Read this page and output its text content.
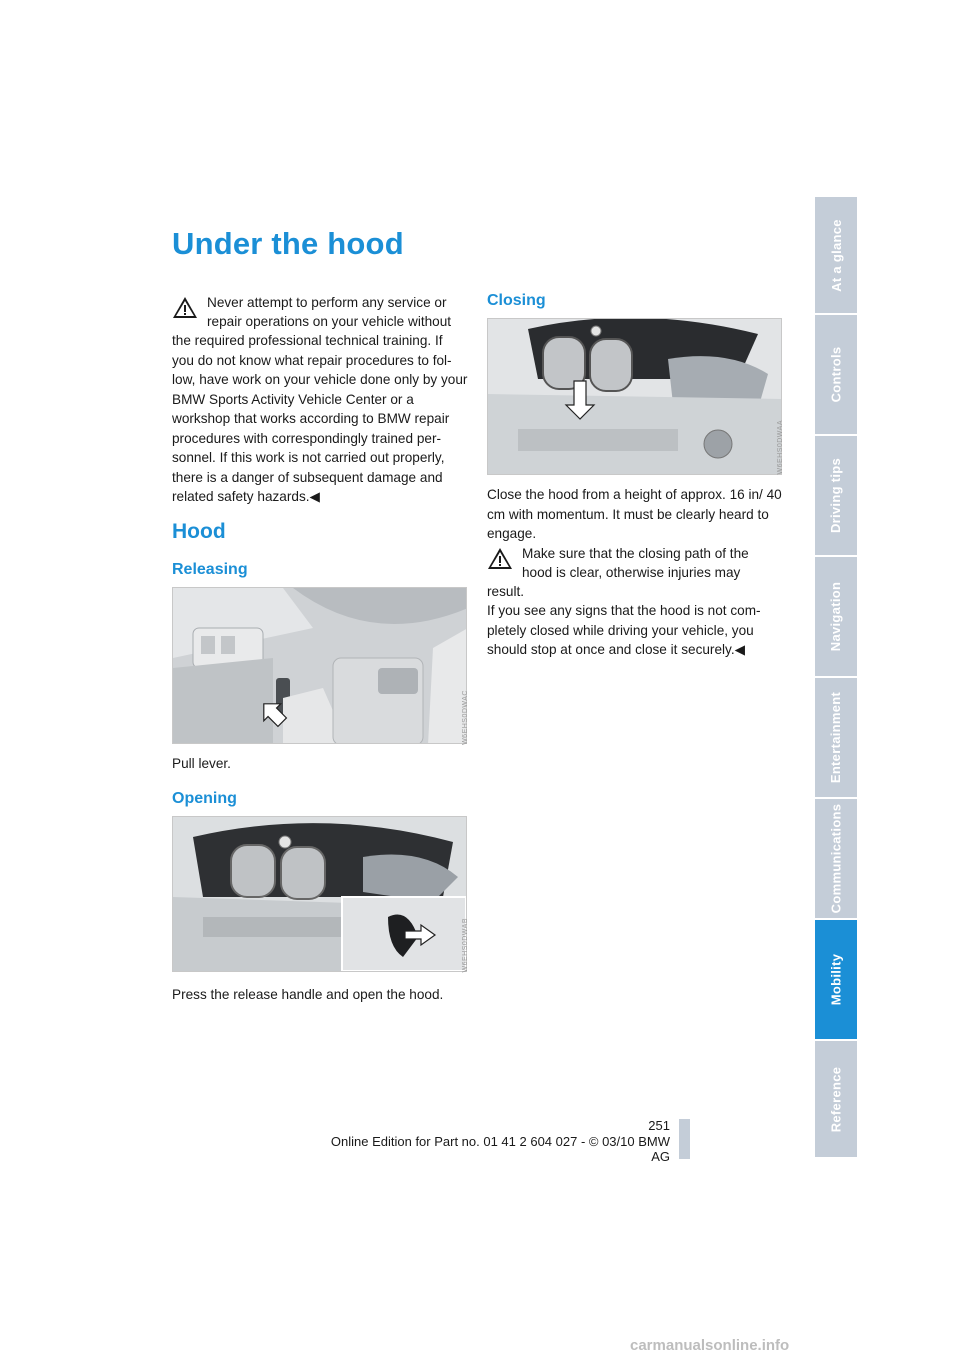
Under the hood
Never attempt to perform any service or
repair operations on your vehicle without
the required professional technical training. If you do not know what repair procedures to fol-low, have work on your vehicle done only by your BMW Sports Activity Vehicle Center or a workshop that works according to BMW repair procedures with correspondingly trained per-sonnel. If this work is not carried out properly, there is a danger of subsequent damage and related safety hazards.◀
Hood
Releasing
W6EHS0DWAC
Pull lever.
Opening
W6EHS0DWAB
Press the release handle and open the hood.
Closing
W6EHS0DWAA
Close the hood from a height of approx. 16 in/ 40 cm with momentum. It must be clearly heard to engage.
Make sure that the closing path of the
hood is clear, otherwise injuries may
result.
If you see any signs that the hood is not com-pletely closed while driving your vehicle, you should stop at once and close it securely.◀
At a glance
Controls
Driving tips
Navigation
Entertainment
Communications
Mobility
Reference
251
Online Edition for Part no. 01 41 2 604 027 - © 03/10 BMW AG
carmanualsonline.info
